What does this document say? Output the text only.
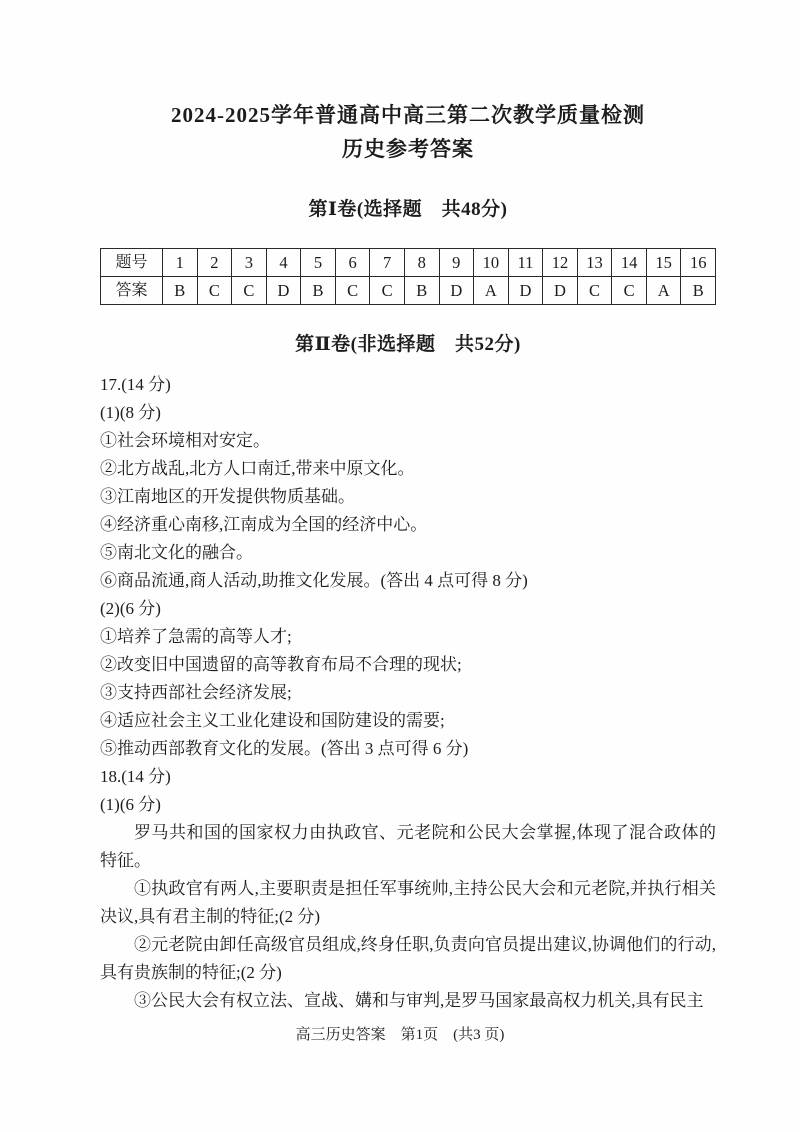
2024-2025学年普通高中高三第二次教学质量检测
历史参考答案
第Ⅰ卷(选择题　共48分)
题号	1	2	3	4	5	6	7	8	9	10	11	12	13	14	15	16
答案	B	C	C	D	B	C	C	B	D	A	D	D	C	C	A	B
第Ⅱ卷(非选择题　共52分)

17.(14 分)

(1)(8 分)

①社会环境相对安定。

②北方战乱,北方人口南迁,带来中原文化。

③江南地区的开发提供物质基础。

④经济重心南移,江南成为全国的经济中心。

⑤南北文化的融合。

⑥商品流通,商人活动,助推文化发展。(答出 4 点可得 8 分)

(2)(6 分)

①培养了急需的高等人才;

②改变旧中国遗留的高等教育布局不合理的现状;

③支持西部社会经济发展;

④适应社会主义工业化建设和国防建设的需要;

⑤推动西部教育文化的发展。(答出 3 点可得 6 分)

18.(14 分)

(1)(6 分)

罗马共和国的国家权力由执政官、元老院和公民大会掌握,体现了混合政体的特征。

①执政官有两人,主要职责是担任军事统帅,主持公民大会和元老院,并执行相关决议,具有君主制的特征;(2 分)

②元老院由卸任高级官员组成,终身任职,负责向官员提出建议,协调他们的行动,具有贵族制的特征;(2 分)

③公民大会有权立法、宣战、媾和与审判,是罗马国家最高权力机关,具有民主

高三历史答案　第1页　(共3 页)
